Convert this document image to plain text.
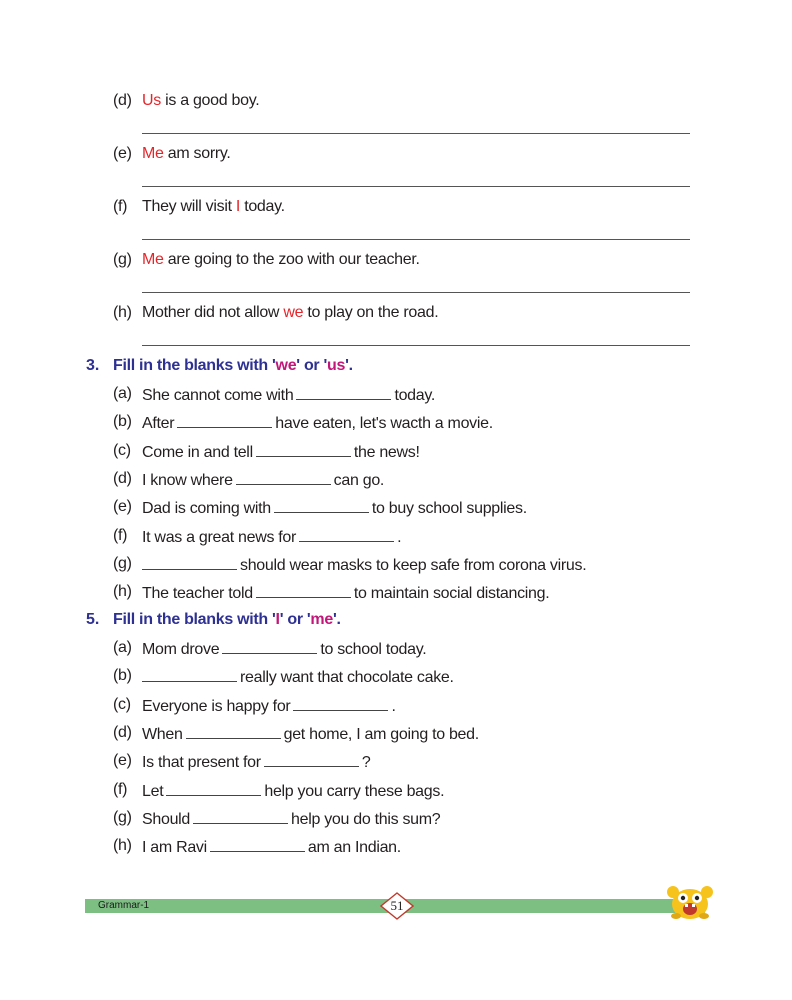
(d) Us is a good boy.
(e) Me am sorry.
(f) They will visit I today.
(g) Me are going to the zoo with our teacher.
(h) Mother did not allow we to play on the road.
3. Fill in the blanks with 'we' or 'us'.
(a) She cannot come with	today.
(b) After	have eaten, let's wacth a movie.
(c) Come in and tell	the news!
(d) I know where	can go.
(e) Dad is coming with	to buy school supplies.
(f) It was a great news for	.
(g)	should wear masks to keep safe from corona virus.
(h) The teacher told	to maintain social distancing.
5. Fill in the blanks with 'I' or 'me'.
(a) Mom drove	to school today.
(b)	really want that chocolate cake.
(c) Everyone is happy for	.
(d) When	get home, I am going to bed.
(e) Is that present for	?
(f) Let	help you carry these bags.
(g) Should	help you do this sum?
(h) I am Ravi	am an Indian.
Grammar-1	51
